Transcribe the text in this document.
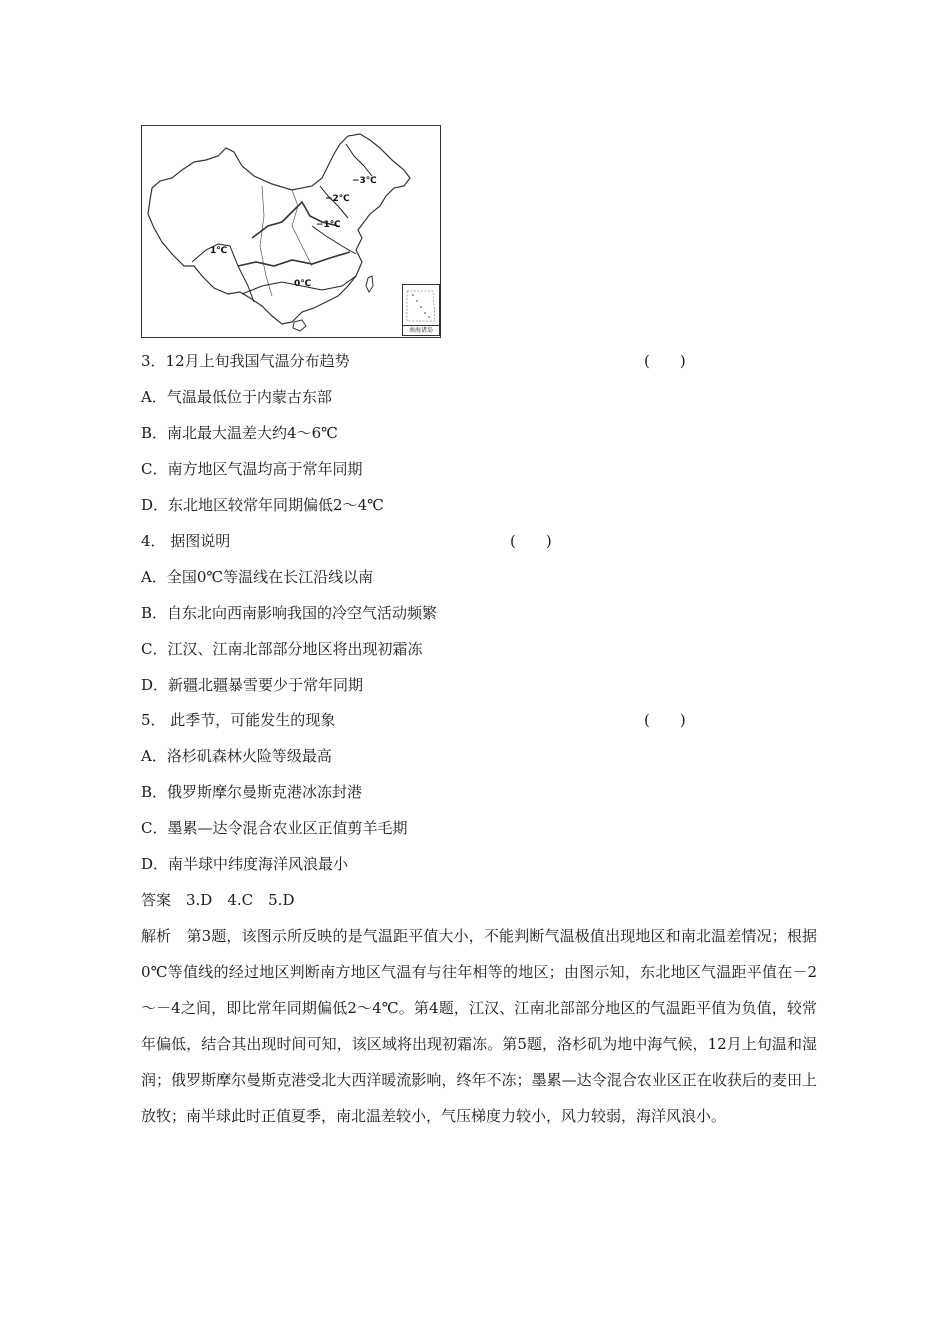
−3℃
−2℃
−1℃
1℃
0℃
南海诸岛
3．12月上旬我国气温分布趋势	(　　)
A．气温最低位于内蒙古东部
B．南北最大温差大约4～6℃
C．南方地区气温均高于常年同期
D．东北地区较常年同期偏低2～4℃
4． 据图说明	(　　)
A．全国0℃等温线在长江沿线以南
B．自东北向西南影响我国的冷空气活动频繁
C．江汉、江南北部部分地区将出现初霜冻
D．新疆北疆暴雪要少于常年同期
5． 此季节，可能发生的现象	(　　)
A．洛杉矶森林火险等级最高
B．俄罗斯摩尔曼斯克港冰冻封港
C．墨累—达令混合农业区正值剪羊毛期
D．南半球中纬度海洋风浪最小
答案　3.D　4.C　5.D
解析　第3题，该图示所反映的是气温距平值大小，不能判断气温极值出现地区和南北温差情况；根据0℃等值线的经过地区判断南方地区气温有与往年相等的地区；由图示知，东北地区气温距平值在－2～－4之间，即比常年同期偏低2～4℃。第4题，江汉、江南北部部分地区的气温距平值为负值，较常年偏低，结合其出现时间可知，该区域将出现初霜冻。第5题，洛杉矶为地中海气候，12月上旬温和湿润；俄罗斯摩尔曼斯克港受北大西洋暖流影响，终年不冻；墨累—达令混合农业区正在收获后的麦田上放牧；南半球此时正值夏季，南北温差较小，气压梯度力较小，风力较弱，海洋风浪小。
